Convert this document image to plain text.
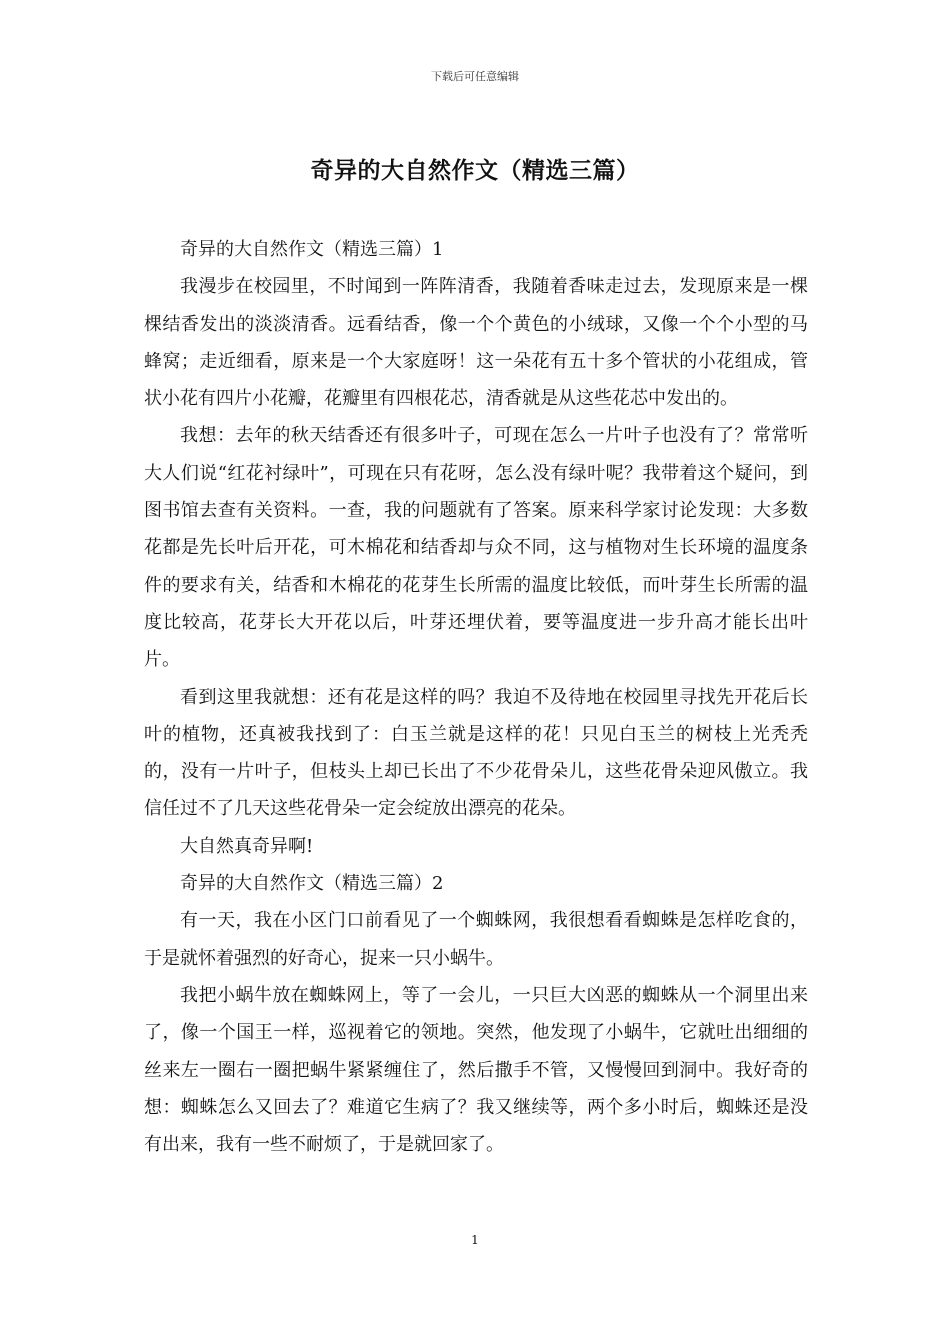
下载后可任意编辑
奇异的大自然作文（精选三篇）

奇异的大自然作文（精选三篇）1

我漫步在校园里，不时闻到一阵阵清香，我随着香味走过去，发现原来是一棵棵结香发出的淡淡清香。远看结香，像一个个黄色的小绒球，又像一个个小型的马蜂窝；走近细看，原来是一个大家庭呀！这一朵花有五十多个管状的小花组成，管状小花有四片小花瓣，花瓣里有四根花芯，清香就是从这些花芯中发出的。

我想：去年的秋天结香还有很多叶子，可现在怎么一片叶子也没有了？常常听大人们说“红花衬绿叶”，可现在只有花呀，怎么没有绿叶呢？我带着这个疑问，到图书馆去查有关资料。一查，我的问题就有了答案。原来科学家讨论发现：大多数花都是先长叶后开花，可木棉花和结香却与众不同，这与植物对生长环境的温度条件的要求有关，结香和木棉花的花芽生长所需的温度比较低，而叶芽生长所需的温度比较高，花芽长大开花以后，叶芽还埋伏着，要等温度进一步升高才能长出叶片。

看到这里我就想：还有花是这样的吗？我迫不及待地在校园里寻找先开花后长叶的植物，还真被我找到了：白玉兰就是这样的花！只见白玉兰的树枝上光秃秃的，没有一片叶子，但枝头上却已长出了不少花骨朵儿，这些花骨朵迎风傲立。我信任过不了几天这些花骨朵一定会绽放出漂亮的花朵。

大自然真奇异啊!

奇异的大自然作文（精选三篇）2

有一天，我在小区门口前看见了一个蜘蛛网，我很想看看蜘蛛是怎样吃食的，于是就怀着强烈的好奇心，捉来一只小蜗牛。

我把小蜗牛放在蜘蛛网上，等了一会儿，一只巨大凶恶的蜘蛛从一个洞里出来了，像一个国王一样，巡视着它的领地。突然，他发现了小蜗牛，它就吐出细细的丝来左一圈右一圈把蜗牛紧紧缠住了，然后撒手不管，又慢慢回到洞中。我好奇的想：蜘蛛怎么又回去了？难道它生病了？我又继续等，两个多小时后，蜘蛛还是没有出来，我有一些不耐烦了，于是就回家了。

1
